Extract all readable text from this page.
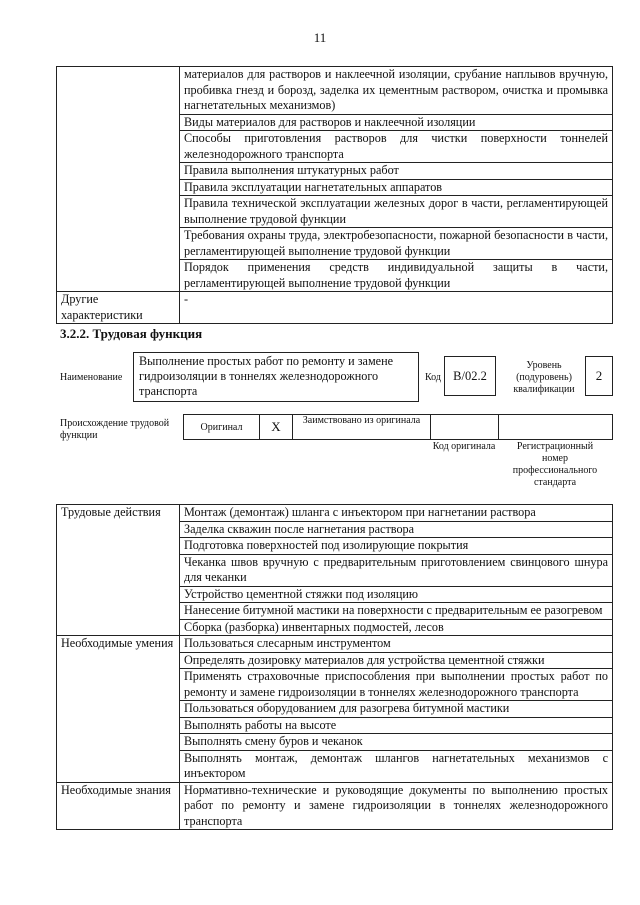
11
	материалов для растворов и наклеечной изоляции, срубание наплывов вручную, пробивка гнезд и борозд, заделка их цементным раствором, очистка и промывка нагнетательных механизмов)
	Виды материалов для растворов и наклеечной изоляции
	Способы приготовления растворов для чистки поверхности тоннелей железнодорожного транспорта
	Правила выполнения штукатурных работ
	Правила эксплуатации нагнетательных аппаратов
	Правила технической эксплуатации железных дорог в части, регламентирующей выполнение трудовой функции
	Требования охраны труда, электробезопасности, пожарной безопасности в части, регламентирующей выполнение трудовой функции
	Порядок применения средств индивидуальной защиты в части, регламентирующей выполнение трудовой функции
Другие характеристики	-
3.2.2. Трудовая функция
Наименование
Выполнение простых работ по ремонту и замене гидроизоляции в тоннелях железнодорожного транспорта
Код B/02.2
Уровень (подуровень) квалификации
2
Происхождение трудовой функции
Оригинал	X	Заимствовано из оригинала		
Код оригинала	Регистрационный номер профессионального стандарта
Трудовые действия	Монтаж (демонтаж) шланга с инъектором при нагнетании раствора
	Заделка скважин после нагнетания раствора
	Подготовка поверхностей под изолирующие покрытия
	Чеканка швов вручную с предварительным приготовлением свинцового шнура для чеканки
	Устройство цементной стяжки под изоляцию
	Нанесение битумной мастики на поверхности с предварительным ее разогревом
	Сборка (разборка) инвентарных подмостей, лесов
Необходимые умения	Пользоваться слесарным инструментом
	Определять дозировку материалов для устройства цементной стяжки
	Применять страховочные приспособления при выполнении простых работ по ремонту и замене гидроизоляции в тоннелях железнодорожного транспорта
	Пользоваться оборудованием для разогрева битумной мастики
	Выполнять работы на высоте
	Выполнять смену буров и чеканок
	Выполнять монтаж, демонтаж шлангов нагнетательных механизмов с инъектором
Необходимые знания	Нормативно-технические и руководящие документы по выполнению простых работ по ремонту и замене гидроизоляции в тоннелях железнодорожного транспорта
